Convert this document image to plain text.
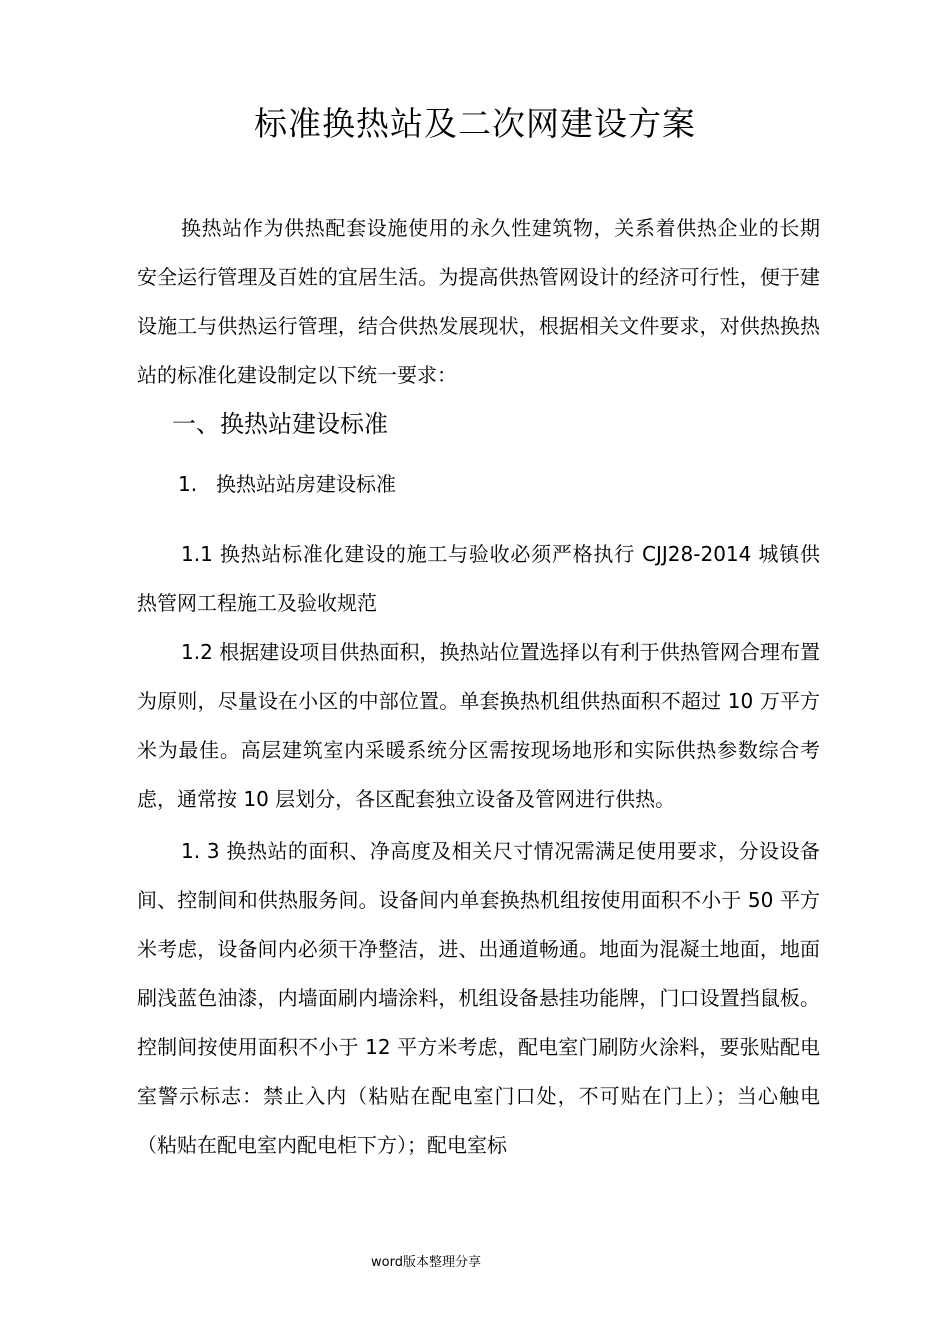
标准换热站及二次网建设方案
换热站作为供热配套设施使用的永久性建筑物，关系着供热企业的长期安全运行管理及百姓的宜居生活。为提高供热管网设计的经济可行性，便于建设施工与供热运行管理，结合供热发展现状，根据相关文件要求，对供热换热站的标准化建设制定以下统一要求：
一、换热站建设标准
1. 换热站站房建设标准
1.1 换热站标准化建设的施工与验收必须严格执行 CJJ28-2014 城镇供热管网工程施工及验收规范
1.2 根据建设项目供热面积，换热站位置选择以有利于供热管网合理布置为原则，尽量设在小区的中部位置。单套换热机组供热面积不超过 10 万平方米为最佳。高层建筑室内采暖系统分区需按现场地形和实际供热参数综合考虑，通常按 10 层划分，各区配套独立设备及管网进行供热。
1. 3 换热站的面积、净高度及相关尺寸情况需满足使用要求，分设设备间、控制间和供热服务间。设备间内单套换热机组按使用面积不小于 50 平方米考虑，设备间内必须干净整洁，进、出通道畅通。地面为混凝土地面，地面刷浅蓝色油漆，内墙面刷内墙涂料，机组设备悬挂功能牌，门口设置挡鼠板。控制间按使用面积不小于 12 平方米考虑，配电室门刷防火涂料，要张贴配电室警示标志：禁止入内（粘贴在配电室门口处，不可贴在门上）；当心触电（粘贴在配电室内配电柜下方）；配电室标
word版本整理分享
